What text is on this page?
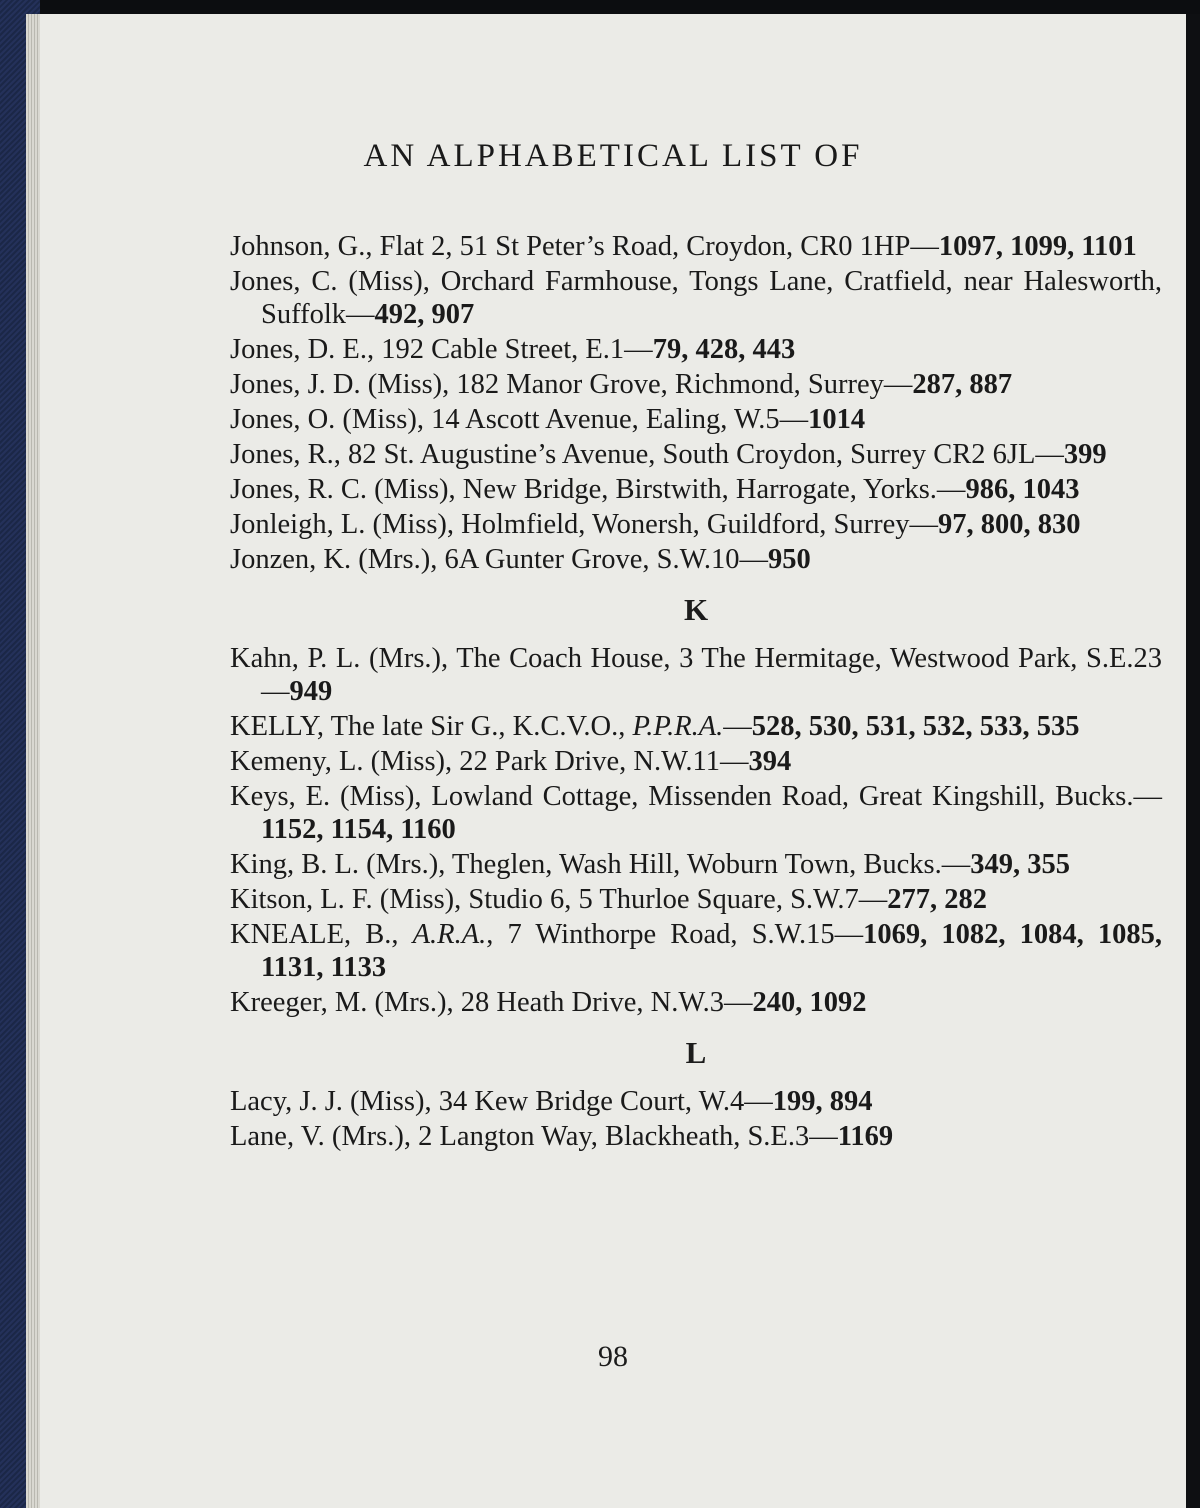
AN ALPHABETICAL LIST OF
Johnson, G., Flat 2, 51 St Peter’s Road, Croydon, CR0 1HP—1097, 1099, 1101
Jones, C. (Miss), Orchard Farmhouse, Tongs Lane, Cratfield, near Halesworth, Suffolk—492, 907
Jones, D. E., 192 Cable Street, E.1—79, 428, 443
Jones, J. D. (Miss), 182 Manor Grove, Richmond, Surrey—287, 887
Jones, O. (Miss), 14 Ascott Avenue, Ealing, W.5—1014
Jones, R., 82 St. Augustine’s Avenue, South Croydon, Surrey CR2 6JL—399
Jones, R. C. (Miss), New Bridge, Birstwith, Harrogate, Yorks.—986, 1043
Jonleigh, L. (Miss), Holmfield, Wonersh, Guildford, Surrey—97, 800, 830
Jonzen, K. (Mrs.), 6A Gunter Grove, S.W.10—950
K
Kahn, P. L. (Mrs.), The Coach House, 3 The Hermitage, Westwood Park, S.E.23—949
KELLY, The late Sir G., K.C.V.O., P.P.R.A.—528, 530, 531, 532, 533, 535
Kemeny, L. (Miss), 22 Park Drive, N.W.11—394
Keys, E. (Miss), Lowland Cottage, Missenden Road, Great Kingshill, Bucks.—1152, 1154, 1160
King, B. L. (Mrs.), Theglen, Wash Hill, Woburn Town, Bucks.—349, 355
Kitson, L. F. (Miss), Studio 6, 5 Thurloe Square, S.W.7—277, 282
KNEALE, B., A.R.A., 7 Winthorpe Road, S.W.15—1069, 1082, 1084, 1085, 1131, 1133
Kreeger, M. (Mrs.), 28 Heath Drive, N.W.3—240, 1092
L
Lacy, J. J. (Miss), 34 Kew Bridge Court, W.4—199, 894
Lane, V. (Mrs.), 2 Langton Way, Blackheath, S.E.3—1169
98
